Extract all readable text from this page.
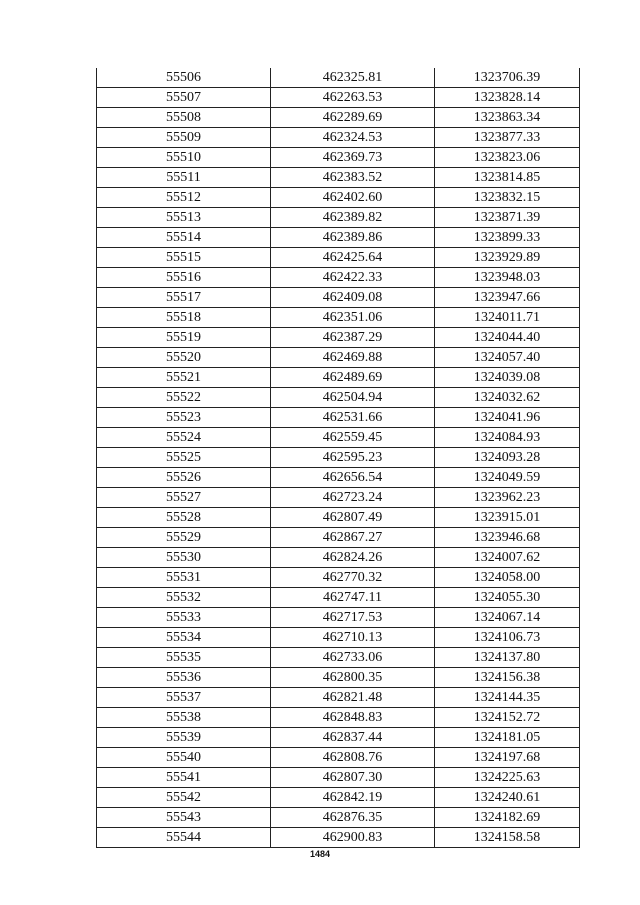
55506	462325.81	1323706.39
55507	462263.53	1323828.14
55508	462289.69	1323863.34
55509	462324.53	1323877.33
55510	462369.73	1323823.06
55511	462383.52	1323814.85
55512	462402.60	1323832.15
55513	462389.82	1323871.39
55514	462389.86	1323899.33
55515	462425.64	1323929.89
55516	462422.33	1323948.03
55517	462409.08	1323947.66
55518	462351.06	1324011.71
55519	462387.29	1324044.40
55520	462469.88	1324057.40
55521	462489.69	1324039.08
55522	462504.94	1324032.62
55523	462531.66	1324041.96
55524	462559.45	1324084.93
55525	462595.23	1324093.28
55526	462656.54	1324049.59
55527	462723.24	1323962.23
55528	462807.49	1323915.01
55529	462867.27	1323946.68
55530	462824.26	1324007.62
55531	462770.32	1324058.00
55532	462747.11	1324055.30
55533	462717.53	1324067.14
55534	462710.13	1324106.73
55535	462733.06	1324137.80
55536	462800.35	1324156.38
55537	462821.48	1324144.35
55538	462848.83	1324152.72
55539	462837.44	1324181.05
55540	462808.76	1324197.68
55541	462807.30	1324225.63
55542	462842.19	1324240.61
55543	462876.35	1324182.69
55544	462900.83	1324158.58
1484
